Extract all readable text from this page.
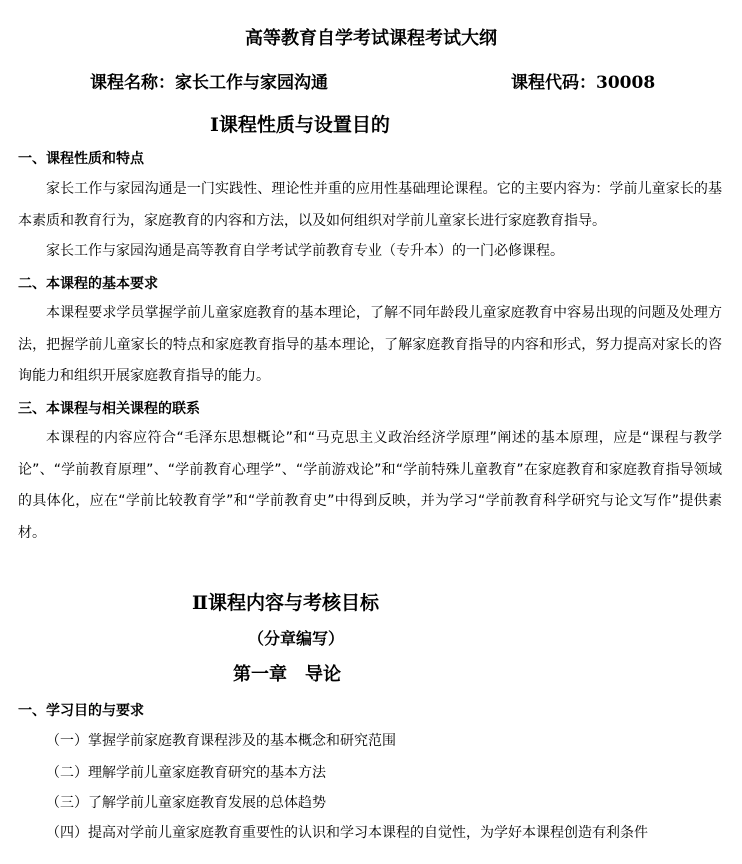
高等教育自学考试课程考试大纲
课程名称：家长工作与家园沟通	课程代码：30008
Ⅰ课程性质与设置目的
一、课程性质和特点
家长工作与家园沟通是一门实践性、理论性并重的应用性基础理论课程。它的主要内容为：学前儿童家长的基本素质和教育行为，家庭教育的内容和方法，以及如何组织对学前儿童家长进行家庭教育指导。
家长工作与家园沟通是高等教育自学考试学前教育专业（专升本）的一门必修课程。
二、本课程的基本要求
本课程要求学员掌握学前儿童家庭教育的基本理论，了解不同年龄段儿童家庭教育中容易出现的问题及处理方法，把握学前儿童家长的特点和家庭教育指导的基本理论，了解家庭教育指导的内容和形式，努力提高对家长的咨询能力和组织开展家庭教育指导的能力。
三、本课程与相关课程的联系
本课程的内容应符合“毛泽东思想概论”和“马克思主义政治经济学原理”阐述的基本原理，应是“课程与教学论”、“学前教育原理”、“学前教育心理学”、“学前游戏论”和“学前特殊儿童教育”在家庭教育和家庭教育指导领域的具体化，应在“学前比较教育学”和“学前教育史”中得到反映，并为学习“学前教育科学研究与论文写作”提供素材。
Ⅱ课程内容与考核目标
（分章编写）
第一章　导论
一、学习目的与要求
（一）掌握学前家庭教育课程涉及的基本概念和研究范围
（二）理解学前儿童家庭教育研究的基本方法
（三）了解学前儿童家庭教育发展的总体趋势
（四）提高对学前儿童家庭教育重要性的认识和学习本课程的自觉性，为学好本课程创造有利条件
